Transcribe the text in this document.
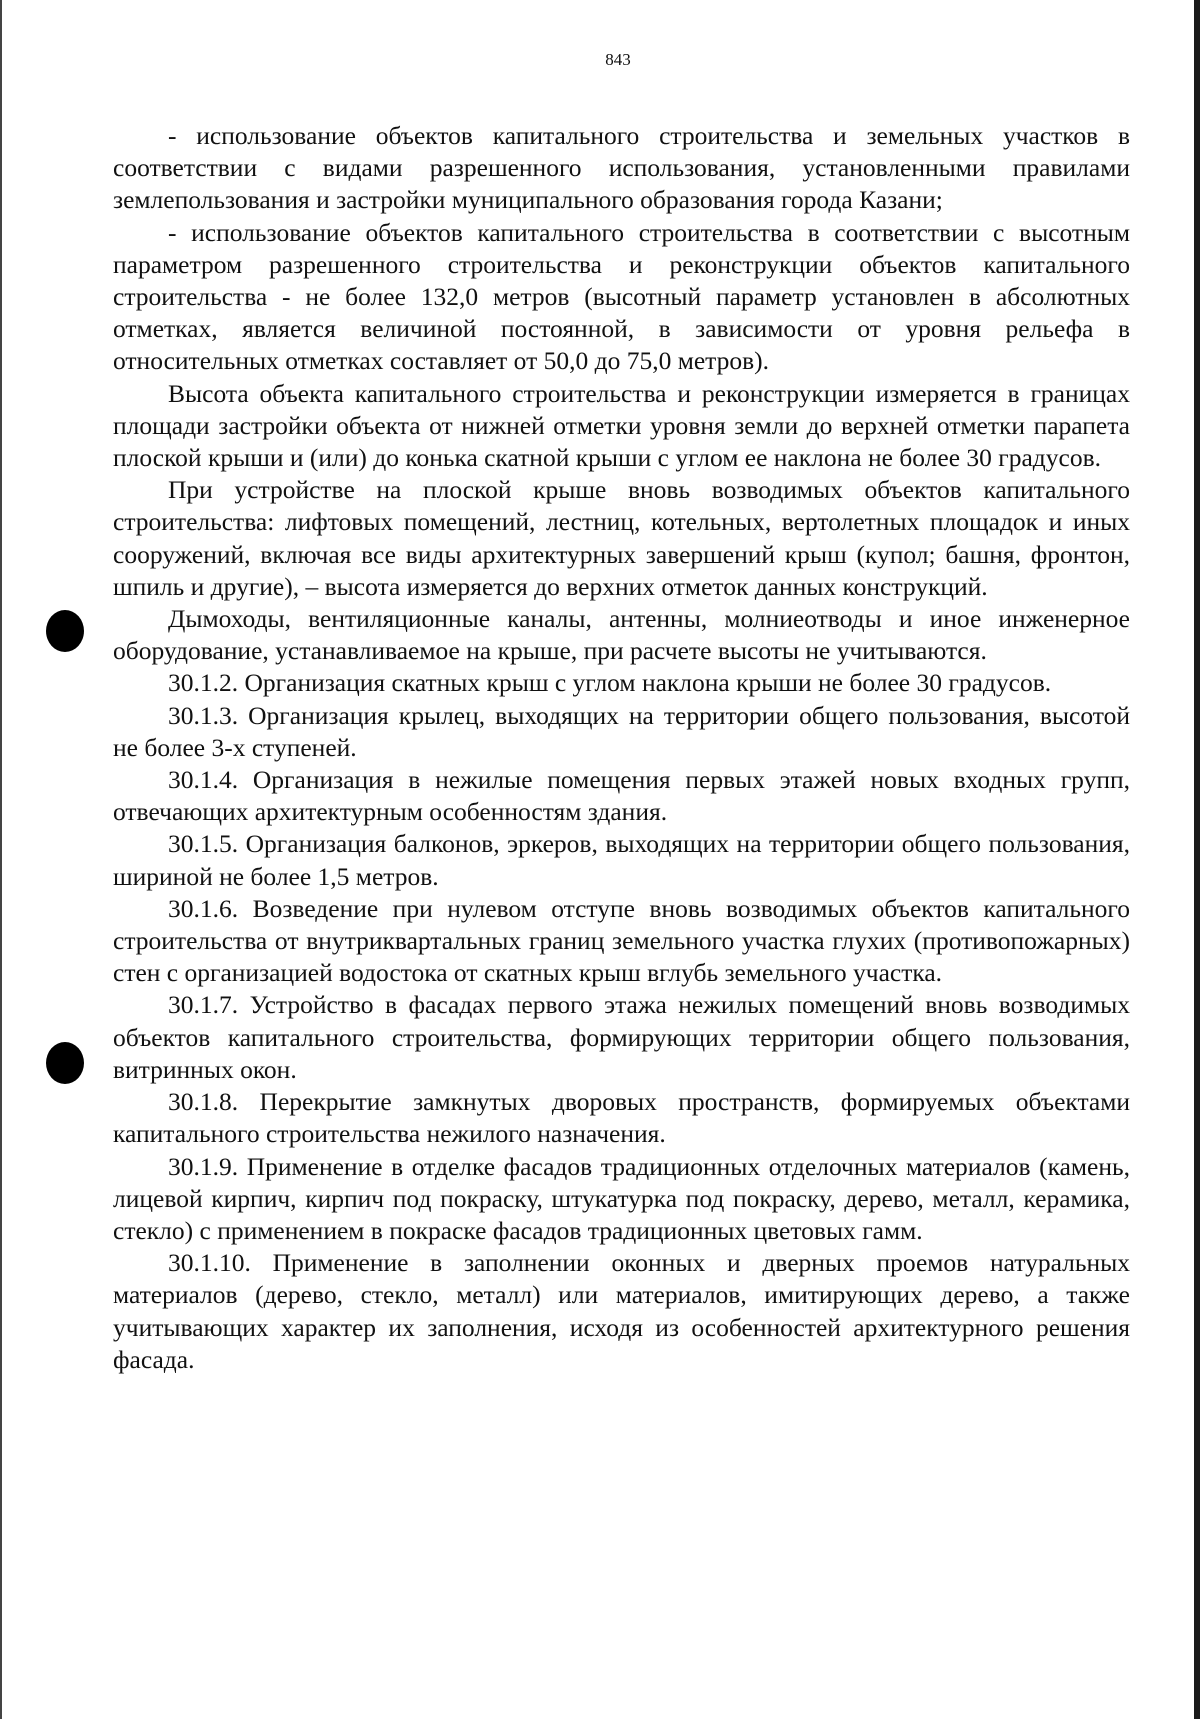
843

- использование объектов капитального строительства и земельных участков в соответствии с видами разрешенного использования, установленными правилами землепользования и застройки муниципального образования города Казани;

- использование объектов капитального строительства в соответствии с высотным параметром разрешенного строительства и реконструкции объектов капитального строительства - не более 132,0 метров (высотный параметр установлен в абсолютных отметках, является величиной постоянной, в зависимости от уровня рельефа в относительных отметках составляет от 50,0 до 75,0 метров).

Высота объекта капитального строительства и реконструкции измеряется в границах площади застройки объекта от нижней отметки уровня земли до верхней отметки парапета плоской крыши и (или) до конька скатной крыши с углом ее наклона не более 30 градусов.

При устройстве на плоской крыше вновь возводимых объектов капитального строительства: лифтовых помещений, лестниц, котельных, вертолетных площадок и иных сооружений, включая все виды архитектурных завершений крыш (купол; башня, фронтон, шпиль и другие), – высота измеряется до верхних отметок данных конструкций.

Дымоходы, вентиляционные каналы, антенны, молниеотводы и иное инженерное оборудование, устанавливаемое на крыше, при расчете высоты не учитываются.

30.1.2. Организация скатных крыш с углом наклона крыши не более 30 градусов.

30.1.3. Организация крылец, выходящих на территории общего пользования, высотой не более 3-х ступеней.

30.1.4. Организация в нежилые помещения первых этажей новых входных групп, отвечающих архитектурным особенностям здания.

30.1.5. Организация балконов, эркеров, выходящих на территории общего пользования, шириной не более 1,5 метров.

30.1.6. Возведение при нулевом отступе вновь возводимых объектов капитального строительства от внутриквартальных границ земельного участка глухих (противопожарных) стен с организацией водостока от скатных крыш вглубь земельного участка.

30.1.7. Устройство в фасадах первого этажа нежилых помещений вновь возводимых объектов капитального строительства, формирующих территории общего пользования, витринных окон.

30.1.8. Перекрытие замкнутых дворовых пространств, формируемых объектами капитального строительства нежилого назначения.

30.1.9. Применение в отделке фасадов традиционных отделочных материалов (камень, лицевой кирпич, кирпич под покраску, штукатурка под покраску, дерево, металл, керамика, стекло) с применением в покраске фасадов традиционных цветовых гамм.

30.1.10. Применение в заполнении оконных и дверных проемов натуральных материалов (дерево, стекло, металл) или материалов, имитирующих дерево, а также учитывающих характер их заполнения, исходя из особенностей архитектурного решения фасада.
